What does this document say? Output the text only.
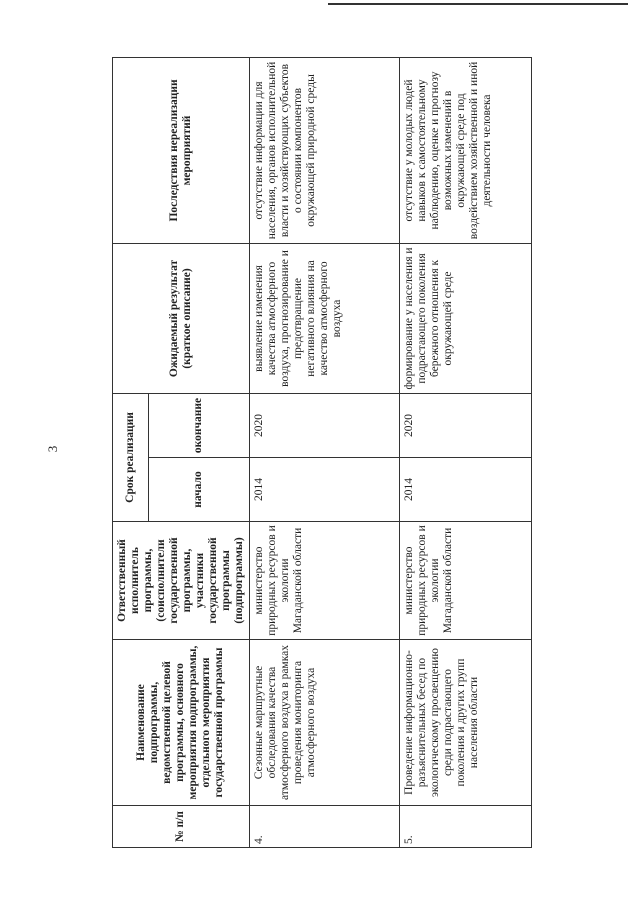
3
№ п/п	Наименование подпрограммы, ведомственной целевой программы, основного мероприятия подпрограммы, отдельного мероприятия государственной программы	Ответственный исполнитель программы, (соисполнители государственной программы, участники государственной программы (подпрограммы)	Срок реализации		Ожидаемый результат (краткое описание)	Последствия нереализации мероприятий
			начало	окончание		
4.	Сезонные маршрутные обследования качества атмосферного воздуха в рамках проведения мониторинга атмосферного воздуха	министерство природных ресурсов и экологии Магаданской области	2014	2020	выявление изменения качества атмосферного воздуха, прогнозирование и предотвращение негативного влияния на качество атмосферного воздуха	отсутствие информации для населения, органов исполнительной власти и хозяйствующих субъектов о состоянии компонентов окружающей природной среды
5.	Проведение информационно-разъяснительных бесед по экологическому просвещению среди подрастающего поколения и других групп населения области	министерство природных ресурсов и экологии Магаданской области	2014	2020	формирование у населения и подрастающего поколения бережного отношения к окружающей среде	отсутствие у молодых людей навыков к самостоятельному наблюдению, оценке и прогнозу возможных изменений в окружающей среде под воздействием хозяйственной и иной деятельности человека
